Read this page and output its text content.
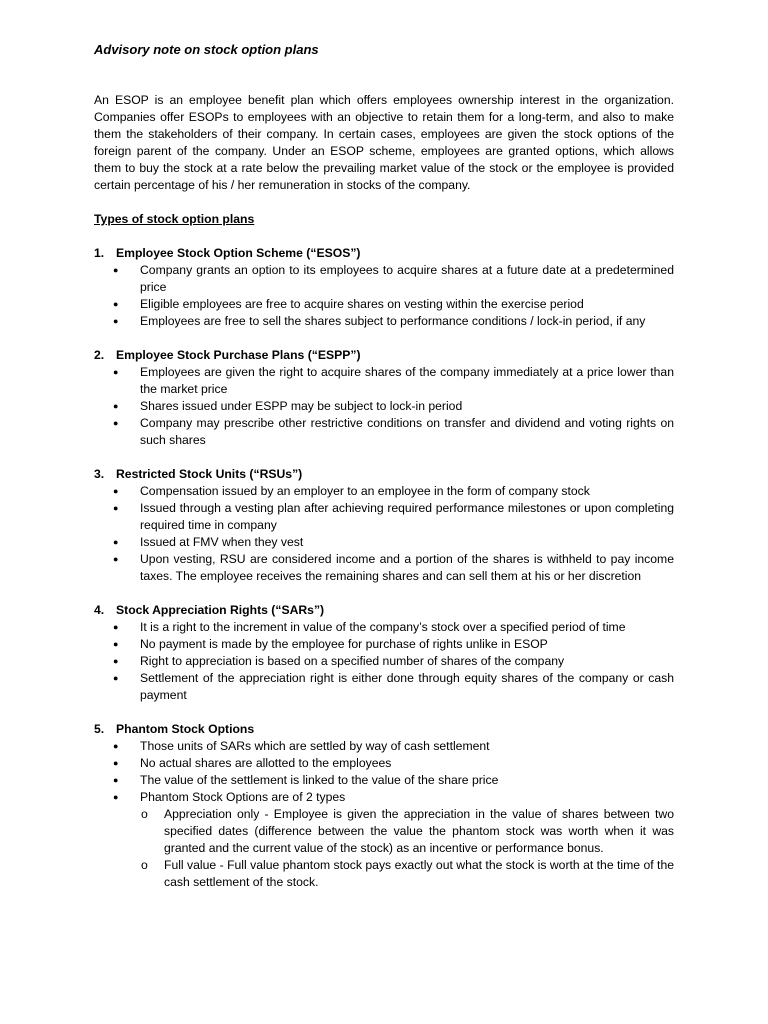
Advisory note on stock option plans

An ESOP is an employee benefit plan which offers employees ownership interest in the organization. Companies offer ESOPs to employees with an objective to retain them for a long-term, and also to make them the stakeholders of their company. In certain cases, employees are given the stock options of the foreign parent of the company. Under an ESOP scheme, employees are granted options, which allows them to buy the stock at a rate below the prevailing market value of the stock or the employee is provided certain percentage of his / her remuneration in stocks of the company.

Types of stock option plans
1. Employee Stock Option Scheme (“ESOS”)
●	Company grants an option to its employees to acquire shares at a future date at a predetermined price
●	Eligible employees are free to acquire shares on vesting within the exercise period
●	Employees are free to sell the shares subject to performance conditions / lock-in period, if any
2. Employee Stock Purchase Plans (“ESPP”)
●	Employees are given the right to acquire shares of the company immediately at a price lower than the market price
●	Shares issued under ESPP may be subject to lock-in period
●	Company may prescribe other restrictive conditions on transfer and dividend and voting rights on such shares
3. Restricted Stock Units (“RSUs”)
●	Compensation issued by an employer to an employee in the form of company stock
●	Issued through a vesting plan after achieving required performance milestones or upon completing required time in company
●	Issued at FMV when they vest
●	Upon vesting, RSU are considered income and a portion of the shares is withheld to pay income taxes. The employee receives the remaining shares and can sell them at his or her discretion
4. Stock Appreciation Rights (“SARs”)
●	It is a right to the increment in value of the company’s stock over a specified period of time
●	No payment is made by the employee for purchase of rights unlike in ESOP
●	Right to appreciation is based on a specified number of shares of the company
●	Settlement of the appreciation right is either done through equity shares of the company or cash payment
5. Phantom Stock Options
●	Those units of SARs which are settled by way of cash settlement
●	No actual shares are allotted to the employees
●	The value of the settlement is linked to the value of the share price
●	Phantom Stock Options are of 2 types
o	Appreciation only - Employee is given the appreciation in the value of shares between two specified dates (difference between the value the phantom stock was worth when it was granted and the current value of the stock) as an incentive or performance bonus.
o	Full value - Full value phantom stock pays exactly out what the stock is worth at the time of the cash settlement of the stock.
